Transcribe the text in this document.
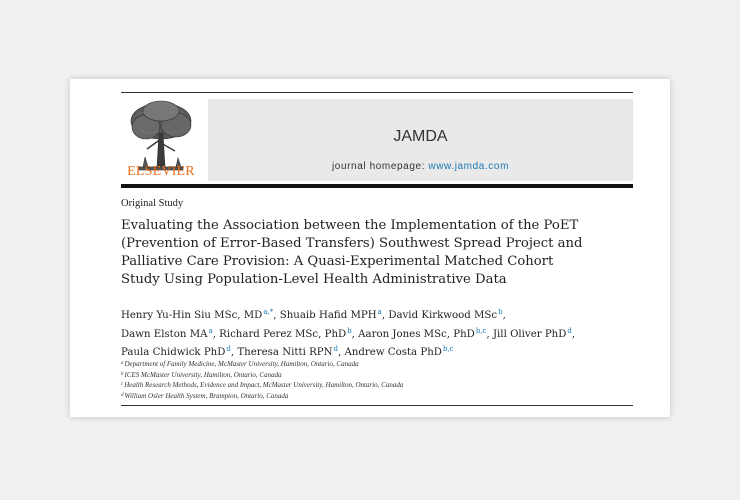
ELSEVIER
JAMDA
journal homepage: www.jamda.com
Original Study
Evaluating the Association between the Implementation of the PoET
(Prevention of Error-Based Transfers) Southwest Spread Project and
Palliative Care Provision: A Quasi-Experimental Matched Cohort
Study Using Population-Level Health Administrative Data
Henry Yu-Hin Siu MSc, $MD^{a,*}$, Shuaib Hafid MPH$^a$, David Kirkwood MSc$^b$,
Dawn Elston $MA^a$, Richard Perez MSc, PhD$^b$, Aaron Jones MSc, PhD$^{b,c}$, Jill Oliver PhD$^d$,
Paula Chidwick PhD$^d$, Theresa Nitti RPN$^d$, Andrew Costa PhD$^{b,c}$
$^a$Department of Family Medicine, McMaster University, Hamilton, Ontario, Canada
$^b$ICES McMaster University, Hamilton, Ontario, Canada
$^c$Health Research Methods, Evidence and Impact, McMaster University, Hamilton, Ontario, Canada
$^d$William Osler Health System, Brampton, Ontario, Canada
